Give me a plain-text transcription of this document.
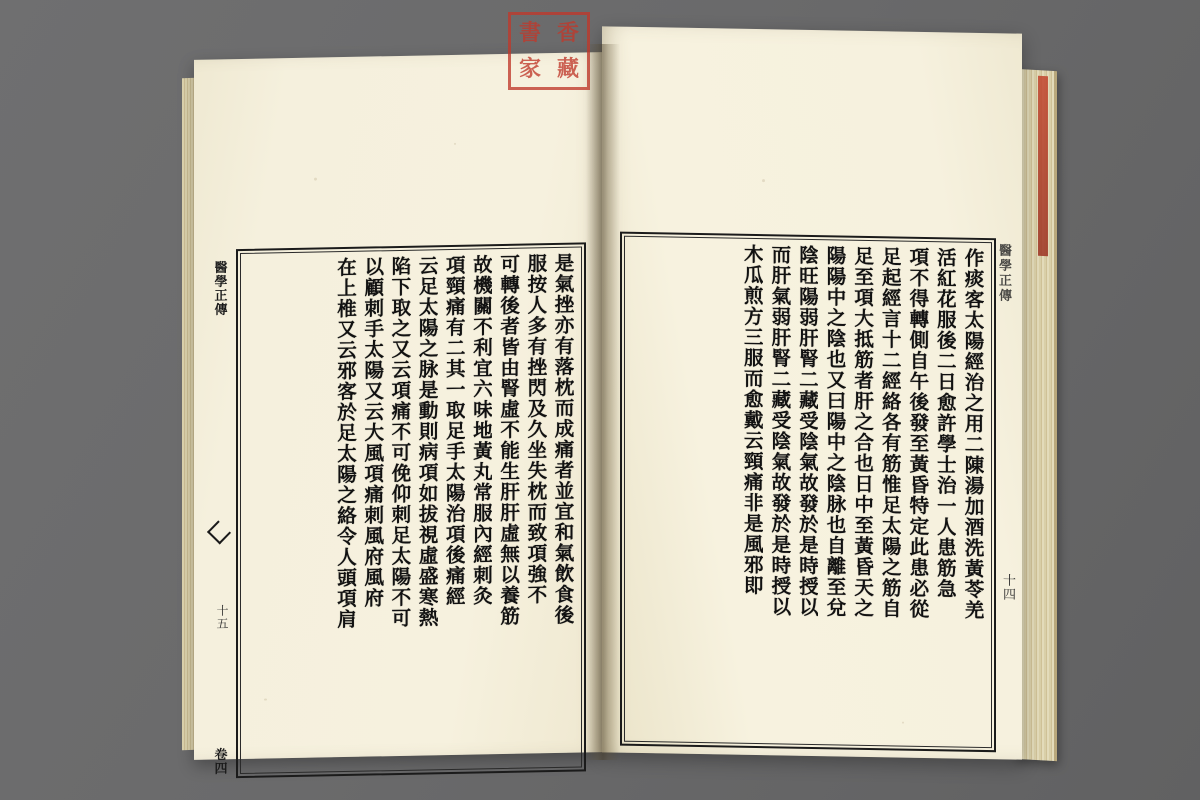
是氣挫亦有落枕而成痛者並宜和氣飲食後
服按人多有挫閃及久坐失枕而致項強不
可轉後者皆由腎虛不能生肝肝虛無以養筋
故機關不利宜六味地黃丸常服內經刺灸
項頸痛有二其一取足手太陽治項後痛經
云足太陽之脉是動則病項如拔視虛盛寒熱
陷下取之又云項痛不可俛仰刺足太陽不可
以顧刺手太陽又云大風項痛刺風府風府
在上椎又云邪客於足太陽之絡令人頭項肩
醫學正傳
卷四
十五	作痰客太陽經治之用二陳湯加酒洗黃苓羌
活紅花服後二日愈許學士治一人患筋急
項不得轉側自午後發至黃昏特定此患必從
足起經言十二經絡各有筋惟足太陽之筋自
足至項大抵筋者肝之合也日中至黃昏天之
陽陽中之陰也又曰陽中之陰脉也自離至兌
陰旺陽弱肝腎二藏受陰氣故發於是時授以
而肝氣弱肝腎二藏受陰氣故發於是時授以
木瓜煎方三服而愈戴云頸痛非是風邪即	醫學正傳
十四
書 香
家 藏
